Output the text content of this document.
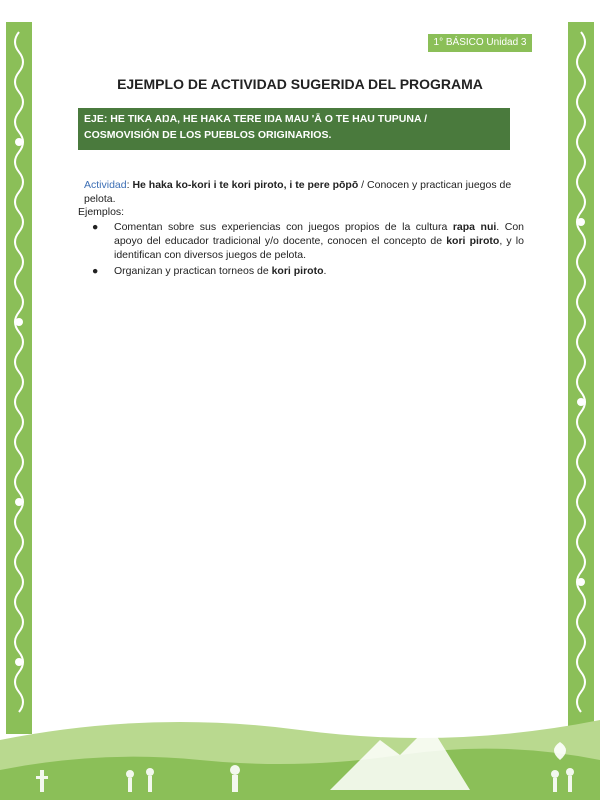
1° BÁSICO Unidad 3
EJEMPLO DE ACTIVIDAD SUGERIDA DEL PROGRAMA
EJE: HE TIKA AŊA, HE HAKA TERE IŊA MAU 'Ā O TE HAU TUPUNA / COSMOVISIÓN DE LOS PUEBLOS ORIGINARIOS.
Actividad: He haka ko-kori i te kori piroto, i te pere pōpō / Conocen y practican juegos de pelota.
Ejemplos:
● Comentan sobre sus experiencias con juegos propios de la cultura rapa nui. Con apoyo del educador tradicional y/o docente, conocen el concepto de kori piroto, y lo identifican con diversos juegos de pelota.
● Organizan y practican torneos de kori piroto.
